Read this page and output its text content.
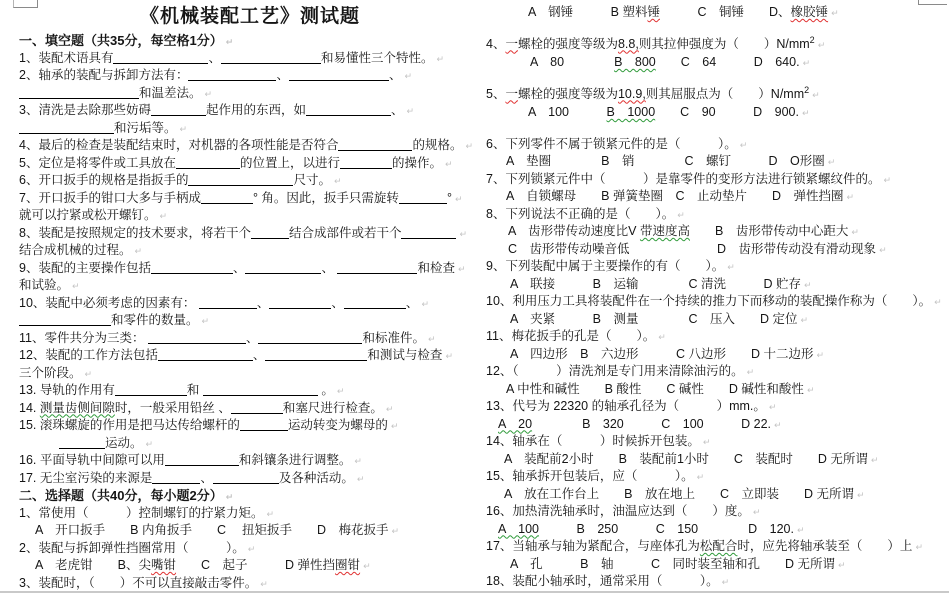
《机械装配工艺》测试题
一、填空题（共35分，每空格1分） ↵
1、装配术语具有	、	和易懂性三个特性。 ↵
2、轴承的装配与拆卸方法有：	、	、 ↵
和温差法。 ↵
3、清洗是去除那些妨碍	起作用的东西，如	、 ↵
和污垢等。 ↵
4、最后的检查是装配结束时，对机器的各项性能是否符合	的规格。 ↵
5、定位是将零件或工具放在	的位置上，以进行	的操作。 ↵
6、开口扳手的规格是指扳手的	尺寸。 ↵
7、开口扳手的钳口大多与手柄成	° 角。因此，扳手只需旋转	° ↵
就可以拧紧或松开螺钉。 ↵
8、装配是按照规定的技术要求，将若干个	结合成部件或若干个	↵
结合成机械的过程。 ↵
9、装配的主要操作包括	、	、	和检查 ↵
和试验。 ↵
10、装配中必须考虑的因素有：	、	、	、 ↵
和零件的数量。 ↵
11、零件共分为三类：	、	和标准件。 ↵
12、装配的工作方法包括	、	和测试与检查 ↵
三个阶段。 ↵
13. 导轨的作用有	和	。 ↵
14. 测量齿侧间隙时，一般采用铅丝 、	和塞尺进行检查。 ↵
15. 滚珠螺旋的作用是把马达传给螺杆的	运动转变为螺母的 ↵
运动。 ↵
16. 平面导轨中间隙可以用	和斜镶条进行调整。 ↵
17. 无尘室污染的来源是	、	及各种活动。 ↵
二、选择题（共40分，每小题2分） ↵
1、常使用（　　　）控制螺钉的拧紧力矩。 ↵
A　开口扳手　　B 内角扳手　　C　 扭矩扳手　　D　梅花扳手 ↵
2、装配与拆卸弹性挡圈常用（　　　）。 ↵
A　老虎钳　　B、尖嘴钳　　C　起子　　　D 弹性挡圈钳 ↵
3、装配时，（　　）不可以直接敲击零件。 ↵
A　钢锤　　　B 塑料锤　　　C　铜锤　　D、橡胶锤 ↵
4、一螺栓的强度等级为8.8,则其拉伸强度为（　　）$N/mm^2↵$
A　80　　　　B　800　　C　64　　　D　640. ↵
5、一螺栓的强度等级为10.9,则其屈服点为（　　）$N/mm^2↵$
A　100　　　B　1000　　C　90　　　D　900. ↵
6、下列零件不属于锁紧元件的是（　　　）。 ↵
A　垫圈　　　　B　销　　　　C　螺钉　　　D　O形圈 ↵
7、下列锁紧元件中（　　　）是靠零件的变形方法进行锁紧螺纹件的。 ↵
A　自锁螺母　　B 弹簧垫圈　C　止动垫片　　D　弹性挡圈 ↵
8、下列说法不正确的是（　　）。 ↵
A　齿形带传动速度比V 带速度高　　B　齿形带传动中心距大 ↵
C　齿形带传动噪音低　　　　　　　D　齿形带传动没有滑动现象 ↵
9、下列装配中属于主要操作的有（　　）。 ↵
A　联接　　　B　运输　　　　C 清洗　　　D 贮存 ↵
10、利用压力工具将装配件在一个持续的推力下而移动的装配操作称为（　　）。 ↵
A　夹紧　　　B　测量　　　　C　压入　　D 定位 ↵
11、梅花扳手的孔是（　　）。 ↵
A　四边形　B　六边形　　　C 八边形　　D 十二边形 ↵
12、（　　　）清洗剂是专门用来清除油污的。 ↵
A 中性和碱性　　B 酸性　　C 碱性　　D 碱性和酸性 ↵
13、代号为 22320 的轴承孔径为（　　　）mm.。 ↵
A　20　　　　B　320　　　C　100　　　D 22. ↵
14、轴承在（　　　）时候拆开包装。 ↵
A　装配前2小时　　B　装配前1小时　　C　装配时　　D 无所谓 ↵
15、轴承拆开包装后，应（　　　）。 ↵
A　放在工作台上　　B　放在地上　　C　立即装　　D 无所谓 ↵
16、加热清洗轴承时，油温应达到（　　）度。 ↵
A　100　　　B　250　　　C　150　　　　D　120. ↵
17、当轴承与轴为紧配合，与座体孔为松配合时，应先将轴承装至（　　）上 ↵
A　孔　　　B　轴　　　C　同时装至轴和孔　　D 无所谓 ↵
18、装配小轴承时，通常采用（　　　）。 ↵
